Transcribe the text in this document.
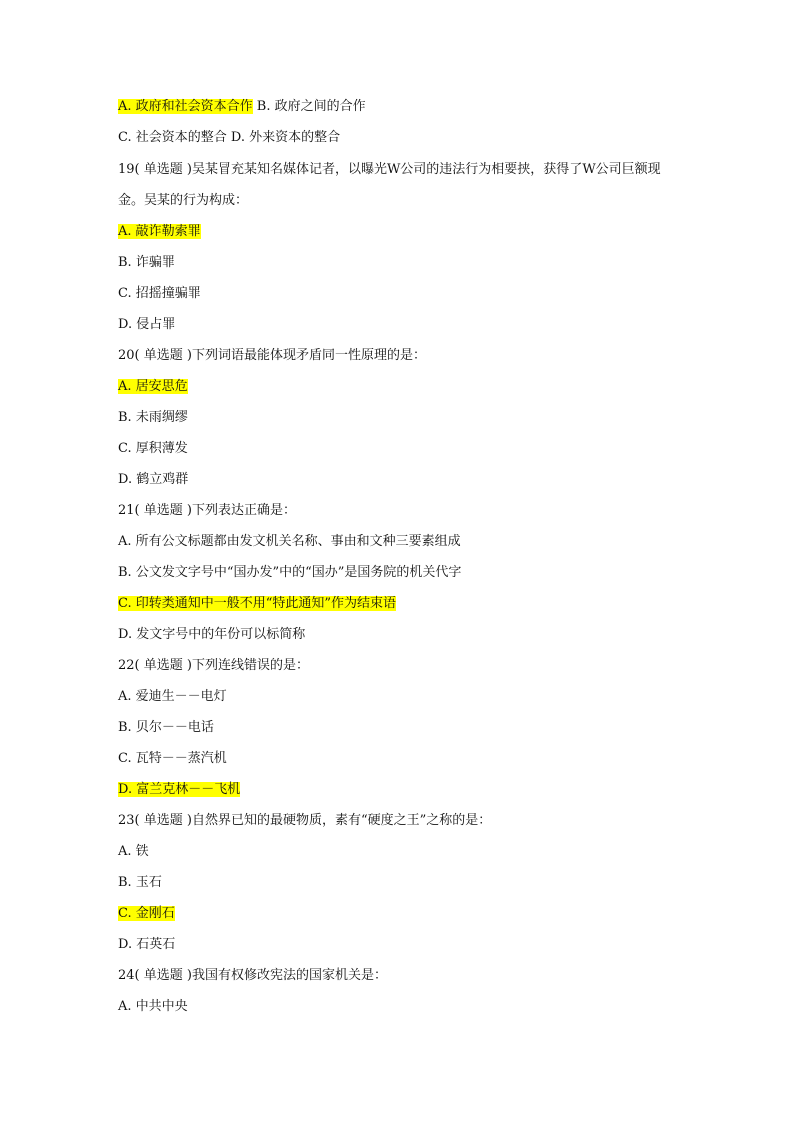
A. 政府和社会资本合作 B. 政府之间的合作
C. 社会资本的整合 D. 外来资本的整合
19( 单选题 )吴某冒充某知名媒体记者，以曝光W公司的违法行为相要挟，获得了W公司巨额现金。吴某的行为构成：
A. 敲诈勒索罪
B. 诈骗罪
C. 招摇撞骗罪
D. 侵占罪
20( 单选题 )下列词语最能体现矛盾同一性原理的是：
A. 居安思危
B. 未雨绸缪
C. 厚积薄发
D. 鹤立鸡群
21( 单选题 )下列表达正确是：
A. 所有公文标题都由发文机关名称、事由和文种三要素组成
B. 公文发文字号中“国办发”中的“国办”是国务院的机关代字
C. 印转类通知中一般不用“特此通知”作为结束语
D. 发文字号中的年份可以标简称
22( 单选题 )下列连线错误的是：
A. 爱迪生－－电灯
B. 贝尔－－电话
C. 瓦特－－蒸汽机
D. 富兰克林－－飞机
23( 单选题 )自然界已知的最硬物质，素有“硬度之王”之称的是：
A. 铁
B. 玉石
C. 金刚石
D. 石英石
24( 单选题 )我国有权修改宪法的国家机关是：
A. 中共中央
